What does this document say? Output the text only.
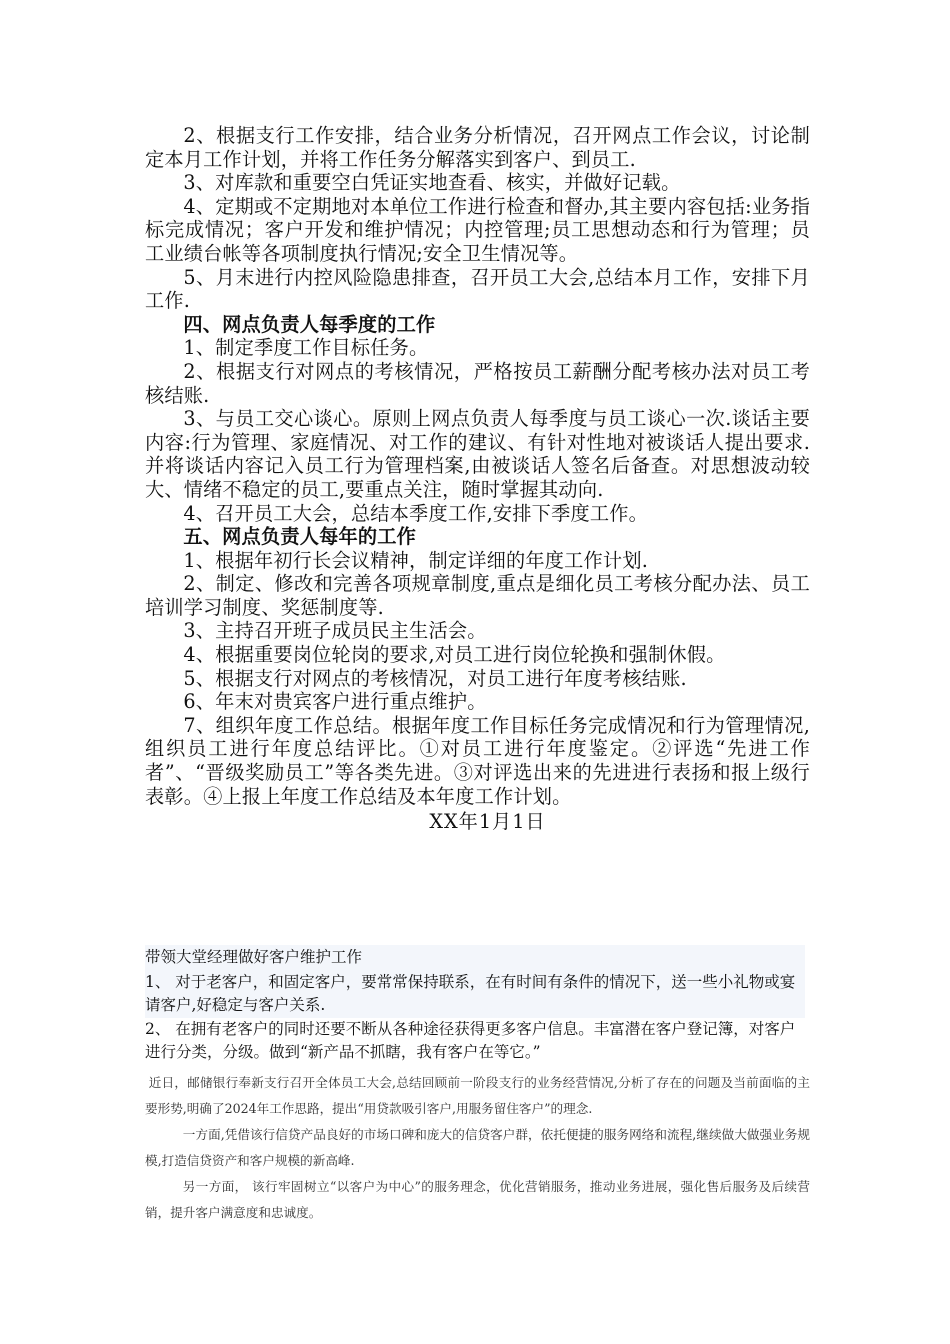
2、根据支行工作安排，结合业务分析情况，召开网点工作会议，讨论制定本月工作计划，并将工作任务分解落实到客户、到员工.

3、对库款和重要空白凭证实地查看、核实，并做好记载。

4、定期或不定期地对本单位工作进行检查和督办,其主要内容包括:业务指标完成情况；客户开发和维护情况；内控管理;员工思想动态和行为管理；员工业绩台帐等各项制度执行情况;安全卫生情况等。

5、月末进行内控风险隐患排查，召开员工大会,总结本月工作，安排下月工作.

四、网点负责人每季度的工作

1、制定季度工作目标任务。

2、根据支行对网点的考核情况，严格按员工薪酬分配考核办法对员工考核结账.

3、与员工交心谈心。原则上网点负责人每季度与员工谈心一次.谈话主要内容:行为管理、家庭情况、对工作的建议、有针对性地对被谈话人提出要求.并将谈话内容记入员工行为管理档案,由被谈话人签名后备查。对思想波动较大、情绪不稳定的员工,要重点关注，随时掌握其动向.

4、召开员工大会，总结本季度工作,安排下季度工作。

五、网点负责人每年的工作

1、根据年初行长会议精神，制定详细的年度工作计划.

2、制定、修改和完善各项规章制度,重点是细化员工考核分配办法、员工培训学习制度、奖惩制度等.

3、主持召开班子成员民主生活会。

4、根据重要岗位轮岗的要求,对员工进行岗位轮换和强制休假。

5、根据支行对网点的考核情况，对员工进行年度考核结账.

6、年末对贵宾客户进行重点维护。

7、组织年度工作总结。根据年度工作目标任务完成情况和行为管理情况,组织员工进行年度总结评比。①对员工进行年度鉴定。②评选“先进工作者”、“晋级奖励员工”等各类先进。③对评选出来的先进进行表扬和报上级行表彰。④上报上年度工作总结及本年度工作计划。

XX年1月1日

带领大堂经理做好客户维护工作

1、 对于老客户，和固定客户，要常常保持联系，在有时间有条件的情况下，送一些小礼物或宴请客户,好稳定与客户关系.

2、 在拥有老客户的同时还要不断从各种途径获得更多客户信息。丰富潜在客户登记簿，对客户进行分类，分级。做到“新产品不抓瞎，我有客户在等它。”

近日，邮储银行奉新支行召开全体员工大会,总结回顾前一阶段支行的业务经营情况,分析了存在的问题及当前面临的主要形势,明确了2024年工作思路，提出“用贷款吸引客户,用服务留住客户”的理念.

一方面,凭借该行信贷产品良好的市场口碑和庞大的信贷客户群，依托便捷的服务网络和流程,继续做大做强业务规模,打造信贷资产和客户规模的新高峰.

另一方面， 该行牢固树立“以客户为中心”的服务理念，优化营销服务，推动业务进展，强化售后服务及后续营销，提升客户满意度和忠诚度。
